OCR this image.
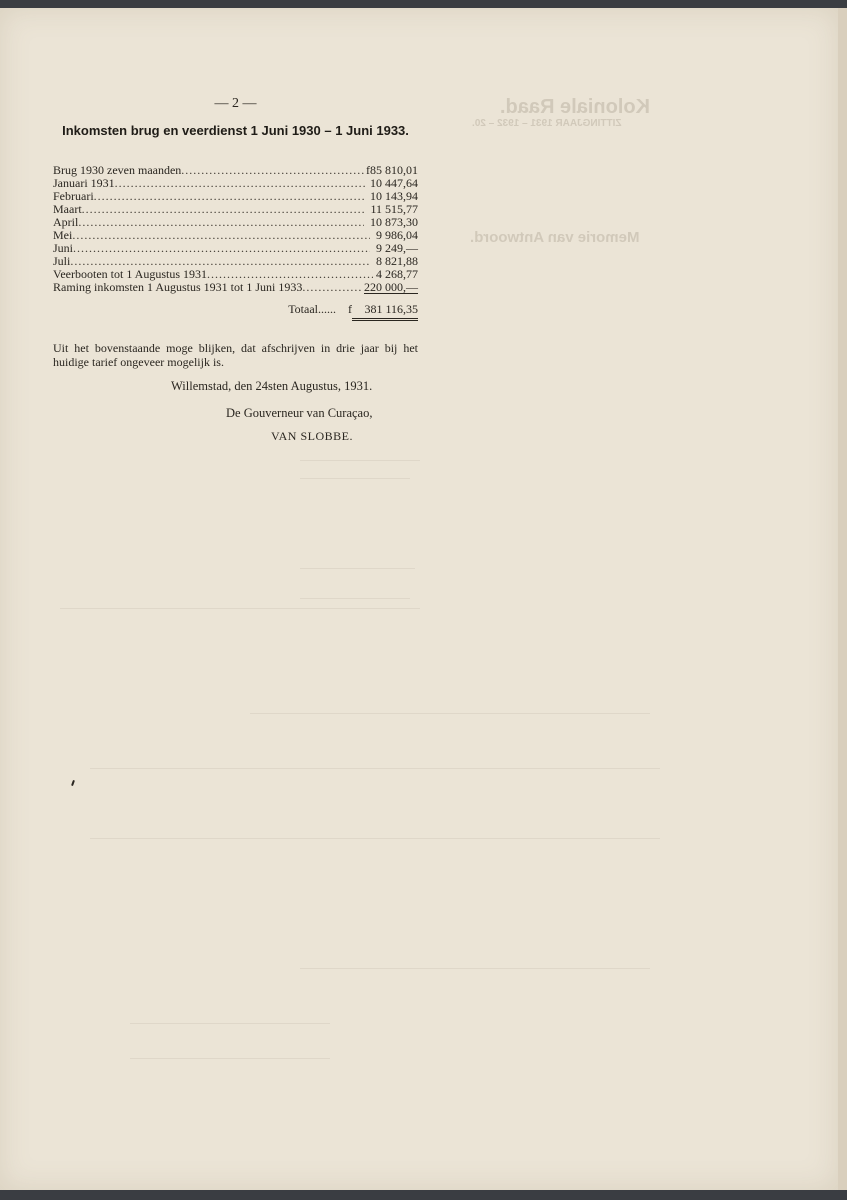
Koloniale Raad.
ZITTINGJAAR 1931 – 1932 – 20.
Memorie van Antwoord.
— 2 —
Inkomsten brug en veerdienst 1 Juni 1930 – 1 Juni 1933.
Brug 1930 zeven maanden .....	f 85 810,01
Januari 1931 .....	10 447,64
Februari .....	10 143,94
Maart .....	11 515,77
April .....	10 873,30
Mei .....	9 986,04
Juni .....	9 249,—
Juli .....	8 821,88
Veerbooten tot 1 Augustus 1931 .....	4 268,77
Raming inkomsten 1 Augustus 1931 tot 1 Juni 1933 .....	220 000,—
Totaal......	f	381 116,35
Uit het bovenstaande moge blijken, dat afschrijven in drie jaar bij het huidige tarief ongeveer mogelijk is.
Willemstad, den 24sten Augustus, 1931.
De Gouverneur van Curaçao,
VAN SLOBBE.
